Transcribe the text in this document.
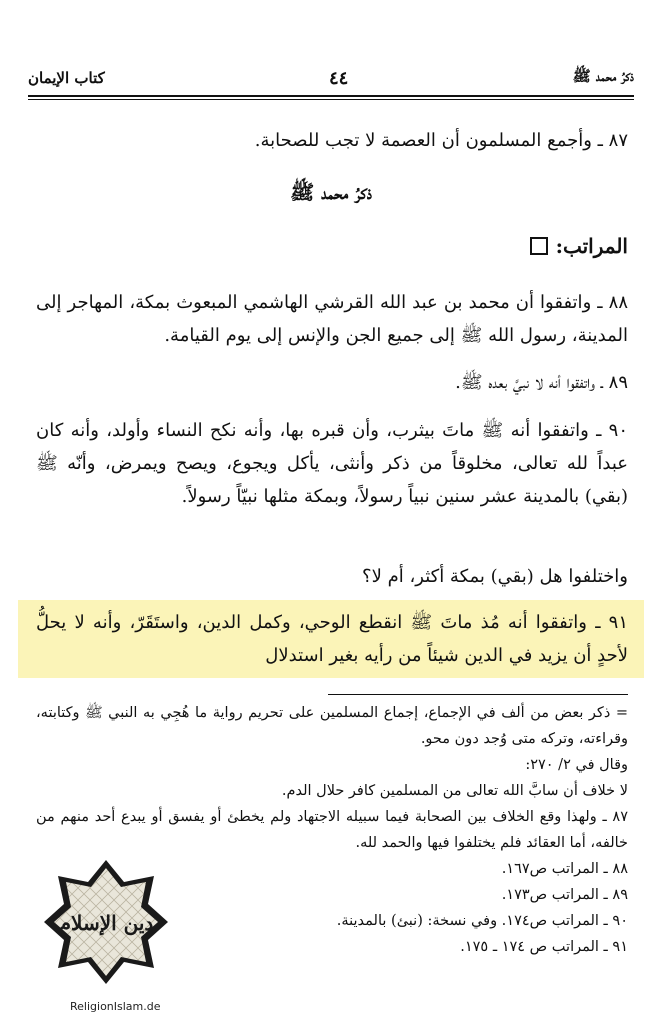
ذكرُ محمد ﷺ
٤٤
كتاب الإيمان
٨٧ ـ وأجمع المسلمون أن العصمة لا تجب للصحابة.
ذكرُ محمد ﷺ
المراتب:
٨٨ ـ واتفقوا أن محمد بن عبد الله القرشي الهاشمي المبعوث بمكة، المهاجر إلى المدينة، رسول الله ﷺ إلى جميع الجن والإنس إلى يوم القيامة.
٨٩ ـ واتفقوا أنه لا نبيَّ بعده ﷺ.
٩٠ ـ واتفقوا أنه ﷺ ماتَ بيثرب، وأن قبره بها، وأنه نكح النساء وأولد، وأنه كان عبداً لله تعالى، مخلوقاً من ذكر وأنثى، يأكل ويجوع، ويصح ويمرض، وأنّه ﷺ (بقي) بالمدينة عشر سنين نبياً رسولاً، وبمكة مثلها نبيّاً رسولاً.
واختلفوا هل (بقي) بمكة أكثر، أم لا؟
٩١ ـ واتفقوا أنه مُذ ماتَ ﷺ انقطع الوحي، وكمل الدين، واستَقَرّ، وأنه لا يحلُّ لأحدٍ أن يزيد في الدين شيئاً من رأيه بغير استدلال
= ذكر بعض من ألف في الإجماع، إجماع المسلمين على تحريم رواية ما هُجِي به النبي ﷺ وكتابته، وقراءته، وتركه متى وُجد دون محو.
وقال في ٢/ ٢٧٠:
لا خلاف أن سابَّ الله تعالى من المسلمين كافر حلال الدم.
٨٧ ـ ولهذا وقع الخلاف بين الصحابة فيما سبيله الاجتهاد ولم يخطئ أو يفسق أو يبدع أحد منهم من خالفه، أما العقائد فلم يختلفوا فيها والحمد لله.
٨٨ ـ المراتب ص١٦٧.
٨٩ ـ المراتب ص١٧٣.
٩٠ ـ المراتب ص١٧٤. وفي نسخة: (نبئ) بالمدينة.
٩١ ـ المراتب ص ١٧٤ ـ ١٧٥.
دين الإسلام
ReligionIslam.de
